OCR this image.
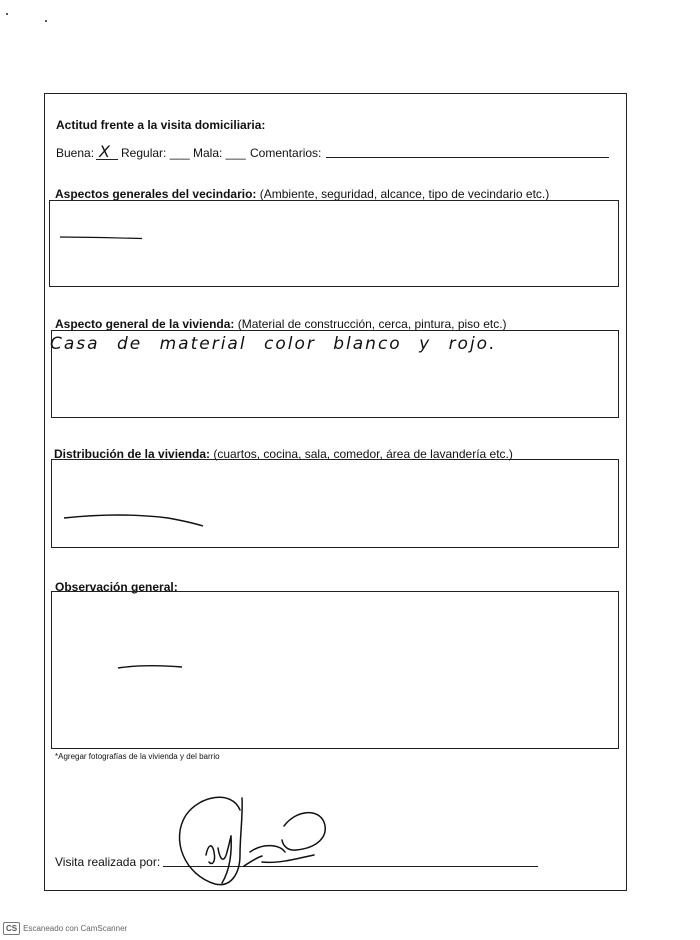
Actitud frente a la visita domiciliaria:
Buena: X Regular: ___ Mala: ___ Comentarios:
Aspectos generales del vecindario: (Ambiente, seguridad, alcance, tipo de vecindario etc.)
Aspecto general de la vivienda: (Material de construcción, cerca, pintura, piso etc.)
Casa de material color blanco y rojo.
Distribución de la vivienda: (cuartos, cocina, sala, comedor, área de lavandería etc.)
Observación general:
*Agregar fotografías de la vivienda y del barrio
Visita realizada por:
CS Escaneado con CamScanner
